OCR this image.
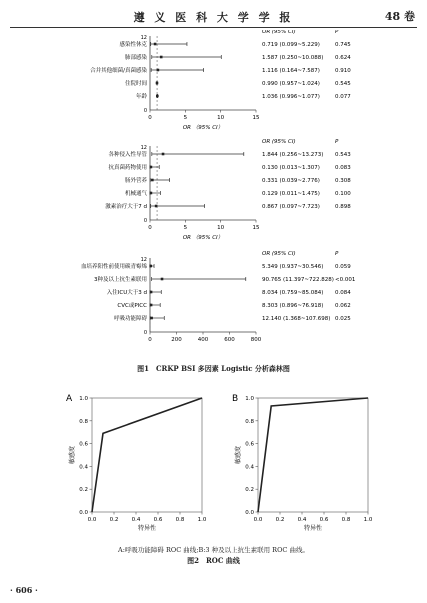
遵 义 医 科 大 学 学 报	48 卷
OR (95% CI)	P
12
0
0	5	10	15
OR （95% CI）
感染性休克	0.719 (0.099~5.229)	0.745
肺部感染	1.587 (0.250~10.088) 0.624
合并其他细菌/真菌感染	1.116 (0.164~7.587)	0.910
住院时间	0.990 (0.957~1.024)	0.545
年龄	1.036 (0.996~1.077)	0.077
OR (95% CI)	P
12
0
0	5	10	15
OR （95% CI）
各种侵入性导管	1.844 (0.256~13.273) 0.543
抗真菌药物使用	0.130 (0.013~1.307)	0.083
肠外营养	0.331 (0.039~2.776)	0.308
机械通气	0.129 (0.011~1.475)	0.100
激素治疗大于7 d	0.867 (0.097~7.723)	0.898
OR (95% CI)	P
12
0
0	200	400	600	800
血培养阳性前使用碳青霉烯	5.349 (0.937~30.546) 0.059
3种及以上抗生素联用	90.765 (11.397~722.828) <0.001
入住ICU大于3 d	8.034 (0.759~85.084) 0.084
CVC或PICC	8.303 (0.896~76.918) 0.062
呼吸功能障碍	12.140 (1.368~107.698) 0.025
图1　CRKP BSI 多因素 Logistic 分析森林图
A
0.0
0.0
0.2
0.2
0.4
0.4
0.6
0.6
0.8
0.8
1.0
1.0
特异性
敏感度
B
0.0
0.0
0.2
0.2
0.4
0.4
0.6
0.6
0.8
0.8
1.0
1.0
特异性
敏感度
A:呼吸功能障碍 ROC 曲线;B:3 种及以上抗生素联用 ROC 曲线。
图2　ROC 曲线
· 606 ·
